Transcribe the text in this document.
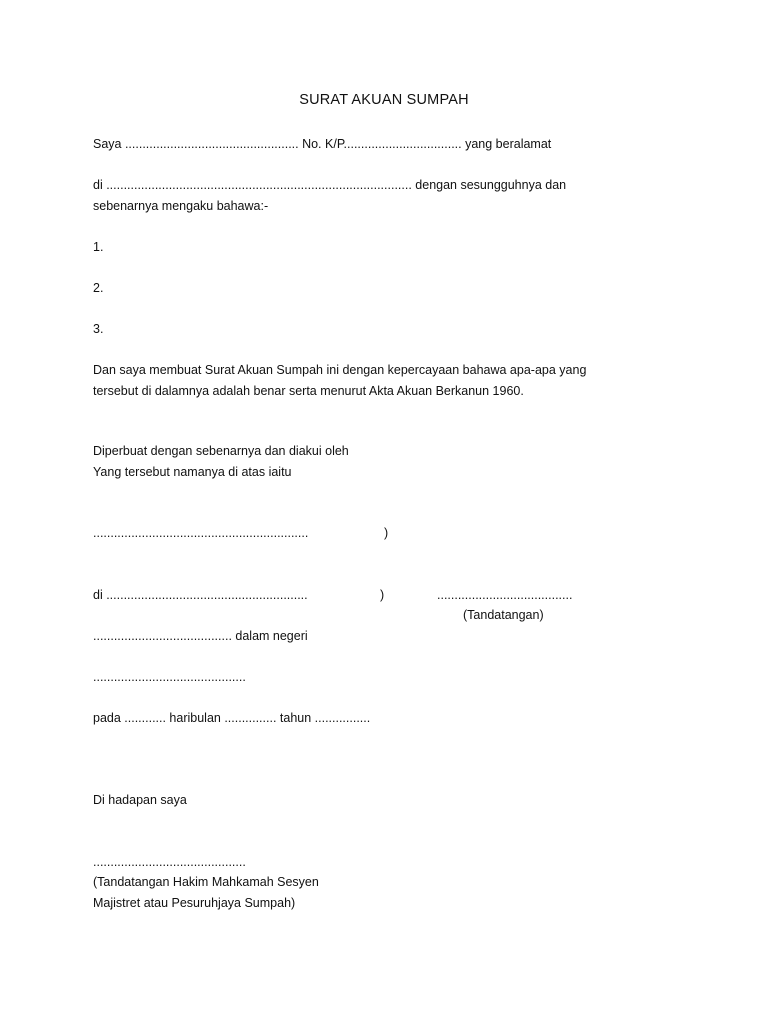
SURAT AKUAN SUMPAH
Saya .................................................. No. K/P.................................. yang beralamat
di ........................................................................................ dengan sesungguhnya dan
sebenarnya mengaku bahawa:-
1.
2.
3.
Dan saya membuat Surat Akuan Sumpah ini dengan kepercayaan bahawa apa-apa yang
tersebut di dalamnya adalah benar serta menurut Akta Akuan Berkanun 1960.
Diperbuat dengan sebenarnya dan diakui oleh
Yang tersebut namanya di atas iaitu
..............................................................	)
di ..........................................................	)	.......................................
(Tandatangan)
........................................ dalam negeri
............................................
pada ............ haribulan ............... tahun ................
Di hadapan saya
............................................
(Tandatangan Hakim Mahkamah Sesyen
Majistret atau Pesuruhjaya Sumpah)
